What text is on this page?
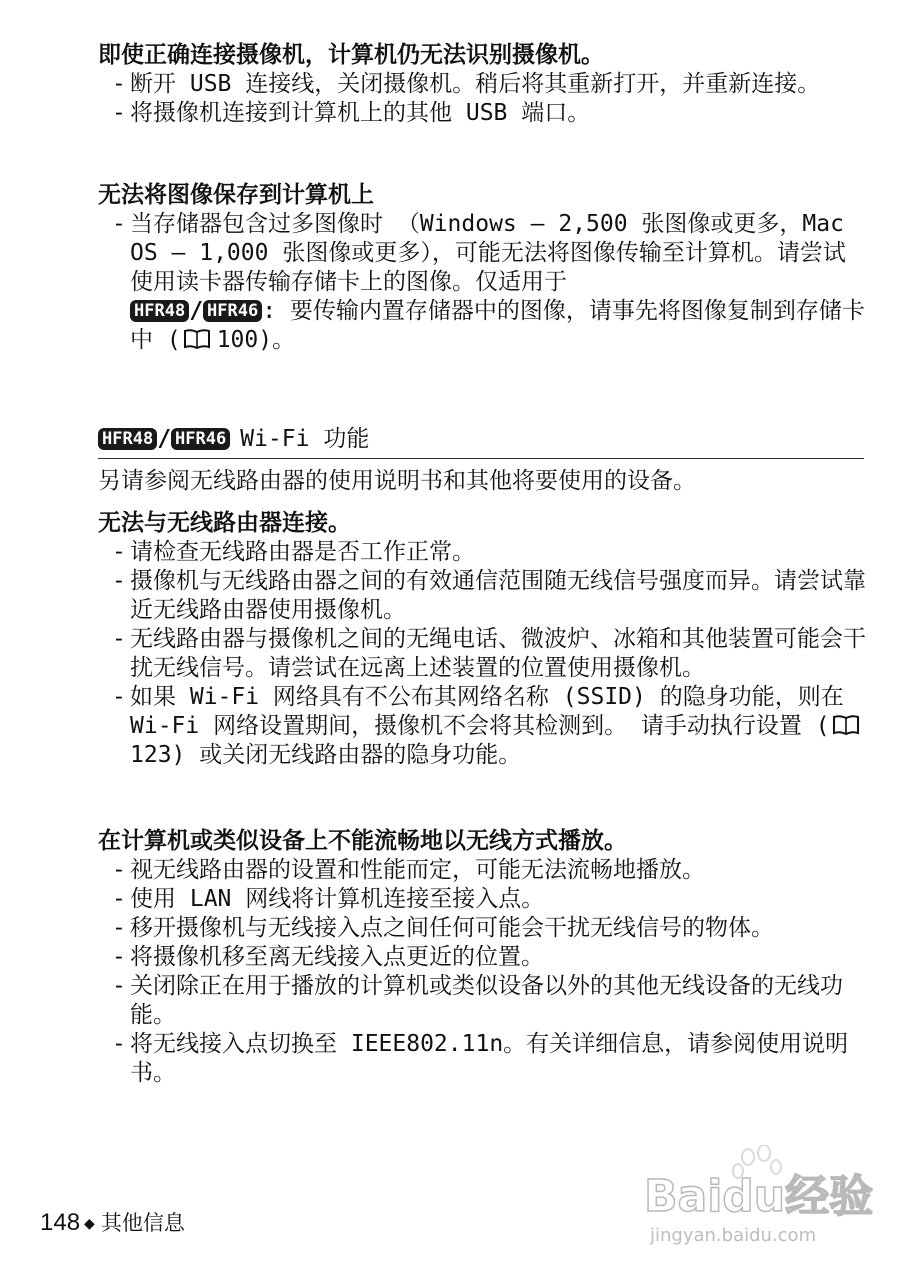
即使正确连接摄像机，计算机仍无法识别摄像机。

- 断开 USB 连接线，关闭摄像机。稍后将其重新打开，并重新连接。
- 将摄像机连接到计算机上的其他 USB 端口。

无法将图像保存到计算机上

- 当存储器包含过多图像时 （Windows – 2,500 张图像或更多，Mac OS – 1,000 张图像或更多），可能无法将图像传输至计算机。请尝试使用读卡器传输存储卡上的图像。仅适用于
HFR48 / HFR46 : 要传输内置存储器中的图像，请事先将图像复制到存储卡中 ( 100)。
HFR48 / HFR46 Wi-Fi 功能
另请参阅无线路由器的使用说明书和其他将要使用的设备。

无法与无线路由器连接。

- 请检查无线路由器是否工作正常。
- 摄像机与无线路由器之间的有效通信范围随无线信号强度而异。请尝试靠近无线路由器使用摄像机。
- 无线路由器与摄像机之间的无绳电话、微波炉、冰箱和其他装置可能会干扰无线信号。请尝试在远离上述装置的位置使用摄像机。
- 如果 Wi-Fi 网络具有不公布其网络名称 (SSID) 的隐身功能，则在 Wi-Fi 网络设置期间，摄像机不会将其检测到。 请手动执行设置 (123) 或关闭无线路由器的隐身功能。

在计算机或类似设备上不能流畅地以无线方式播放。

- 视无线路由器的设置和性能而定，可能无法流畅地播放。
- 使用 LAN 网线将计算机连接至接入点。
- 移开摄像机与无线接入点之间任何可能会干扰无线信号的物体。
- 将摄像机移至离无线接入点更近的位置。
- 关闭除正在用于播放的计算机或类似设备以外的其他无线设备的无线功能。
- 将无线接入点切换至 IEEE802.11n。有关详细信息，请参阅使用说明书。
148 ◆ 其他信息
Baidu经验
jingyan.baidu.com
